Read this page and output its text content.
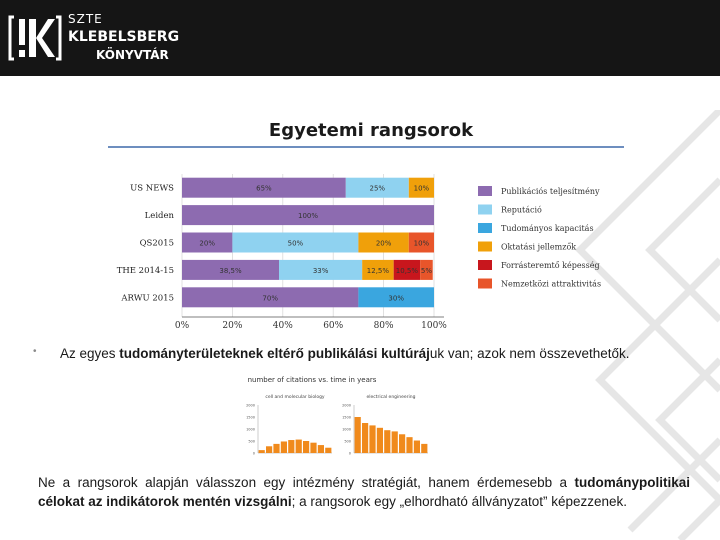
SZTE
KLEBELSBERG
KÖNYVTÁR
Egyetemi rangsorok
0%	20%	40%	60%	80%	100%
US NEWS	65%	25%	10%
Leiden	100%
QS2015	20%	50%	20%	10%
THE 2014-15	38,5%	33%	12,5% 10,5% 5%
ARWU 2015	70%	30%
Publikációs teljesítmény
Reputáció
Tudományos kapacitás
Oktatási jellemzők
Forrásteremtő képesség
Nemzetközi attraktivitás
• Az egyes tudományterületeknek eltérő publikálási kultúrájuk van; azok nem összevethetők.
number of citations vs. time in years
cell and molecular biology
0
500
1000
1500
2000
electrical engineering
0
500
1000
1500
2000
Ne a rangsorok alapján válasszon egy intézmény stratégiát, hanem érdemesebb a tudománypolitikai célokat az indikátorok mentén vizsgálni; a rangsorok egy „elhordható állványzatot” képezzenek.
